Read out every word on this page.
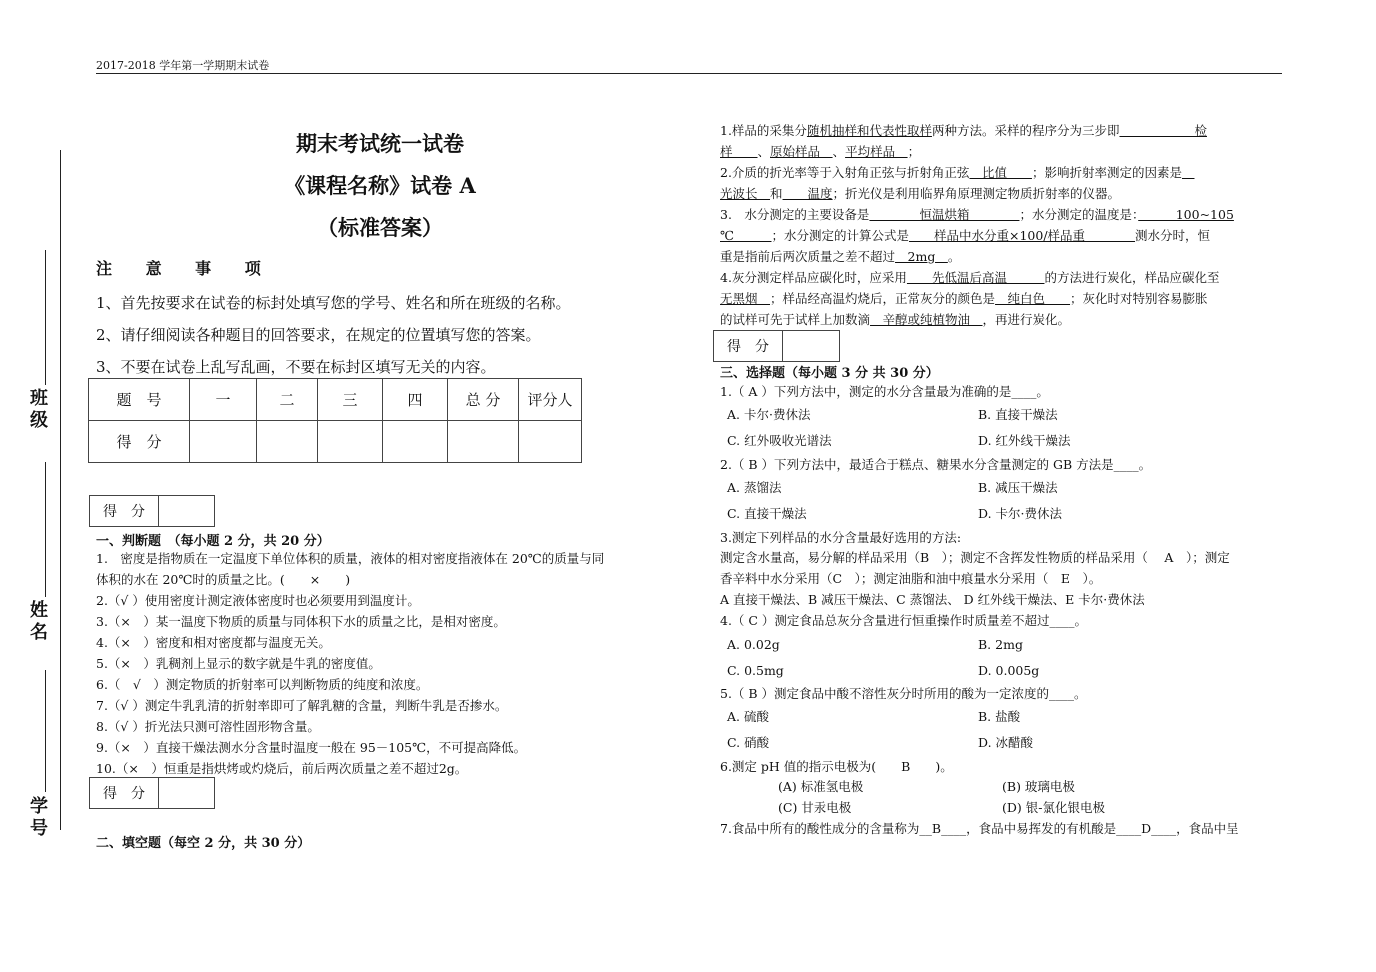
2017-2018 学年第一学期期末试卷
班级
姓名
学号
期末考试统一试卷
《课程名称》试卷 A
（标准答案）
注 意 事 项
1、首先按要求在试卷的标封处填写您的学号、姓名和所在班级的名称。
2、请仔细阅读各种题目的回答要求，在规定的位置填写您的答案。
3、不要在试卷上乱写乱画，不要在标封区填写无关的内容。
题　号	一	二	三	四	总 分	评分人
得　分						
得　分	
一、判断题　（每小题 2 分，共 20 分）
1.　密度是指物质在一定温度下单位体积的质量，液体的相对密度指液体在 20℃的质量与同
体积的水在 20℃时的质量之比。(　　×　　)
2.（√ ）使用密度计测定液体密度时也必须要用到温度计。
3.（×　）某一温度下物质的质量与同体积下水的质量之比，是相对密度。
4.（×　）密度和相对密度都与温度无关。
5.（×　）乳稠剂上显示的数字就是牛乳的密度值。
6.（　√　）测定物质的折射率可以判断物质的纯度和浓度。
7.（√ ）测定牛乳乳清的折射率即可了解乳糖的含量，判断牛乳是否掺水。
8.（√ ）折光法只测可溶性固形物含量。
9.（×　）直接干燥法测水分含量时温度一般在 95－105℃，不可提高降低。
10.（×　）恒重是指烘烤或灼烧后，前后两次质量之差不超过2g。
得　分	
二、填空题（每空 2 分，共 30 分）
1.样品的采集分随机抽样和代表性取样两种方法。采样的程序分为三步即　　　　　　检
样　　、原始样品　、平均样品　；
2.介质的折光率等于入射角正弦与折射角正弦　比值　　；影响折射率测定的因素是　
光波长　和　　温度；折光仪是利用临界角原理测定物质折射率的仪器。
3.　水分测定的主要设备是　　　　恒温烘箱　　　　；水分测定的温度是：　　　100~105
℃　　　；水分测定的计算公式是　　样品中水分重×100/样品重　　　　测水分时，恒
重是指前后两次质量之差不超过　2mg　。
4.灰分测定样品应碳化时，应采用　　先低温后高温　　　的方法进行炭化，样品应碳化至
无黑烟　；样品经高温灼烧后，正常灰分的颜色是　纯白色　　；灰化时对特别容易膨胀
的试样可先于试样上加数滴　辛醇或纯植物油　，再进行炭化。
得　分	
三、选择题（每小题 3 分 共 30 分）
1.（ A ）下列方法中，测定的水分含量最为准确的是____。
A. 卡尔·费休法	B. 直接干燥法
C. 红外吸收光谱法	D. 红外线干燥法
2.（ B ）下列方法中，最适合于糕点、糖果水分含量测定的 GB 方法是____。
A. 蒸馏法	B. 减压干燥法
C. 直接干燥法	D. 卡尔·费休法
3.测定下列样品的水分含量最好选用的方法:
测定含水量高，易分解的样品采用（B　）；测定不含挥发性物质的样品采用（　 A　）；测定
香辛料中水分采用（C　）；测定油脂和油中痕量水分采用（　E　）。
A 直接干燥法、B 减压干燥法、C 蒸馏法、 D 红外线干燥法、E 卡尔·费休法
4.（ C ）测定食品总灰分含量进行恒重操作时质量差不超过____。
A. 0.02g	B. 2mg
C. 0.5mg	D. 0.005g
5.（ B ）测定食品中酸不溶性灰分时所用的酸为一定浓度的____。
A. 硫酸	B. 盐酸
C. 硝酸	D. 冰醋酸
6.测定 pH 值的指示电极为(　　B　　)。
(A) 标准氢电极	(B) 玻璃电极
(C) 甘汞电极	(D) 银-氯化银电极
7.食品中所有的酸性成分的含量称为__B____，食品中易挥发的有机酸是____D____，食品中呈
